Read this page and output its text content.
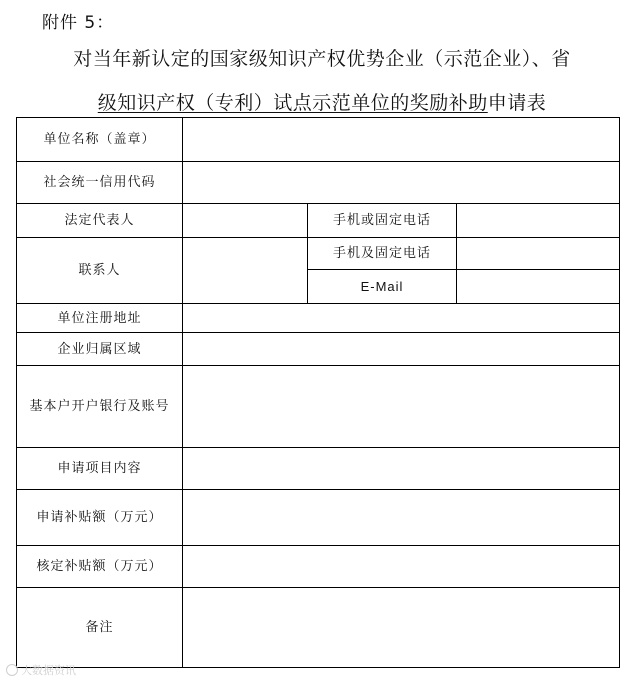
附件 5：
对当年新认定的国家级知识产权优势企业（示范企业）、省
级知识产权（专利）试点示范单位的奖励补助申请表
单位名称（盖章）			
社会统一信用代码			
法定代表人		手机或固定电话	
联系人		手机及固定电话	
		E-Mail	
单位注册地址			
企业归属区域			
基本户开户银行及账号			
申请项目内容			
申请补贴额（万元）			
核定补贴额（万元）			
备注			
大数据资讯
